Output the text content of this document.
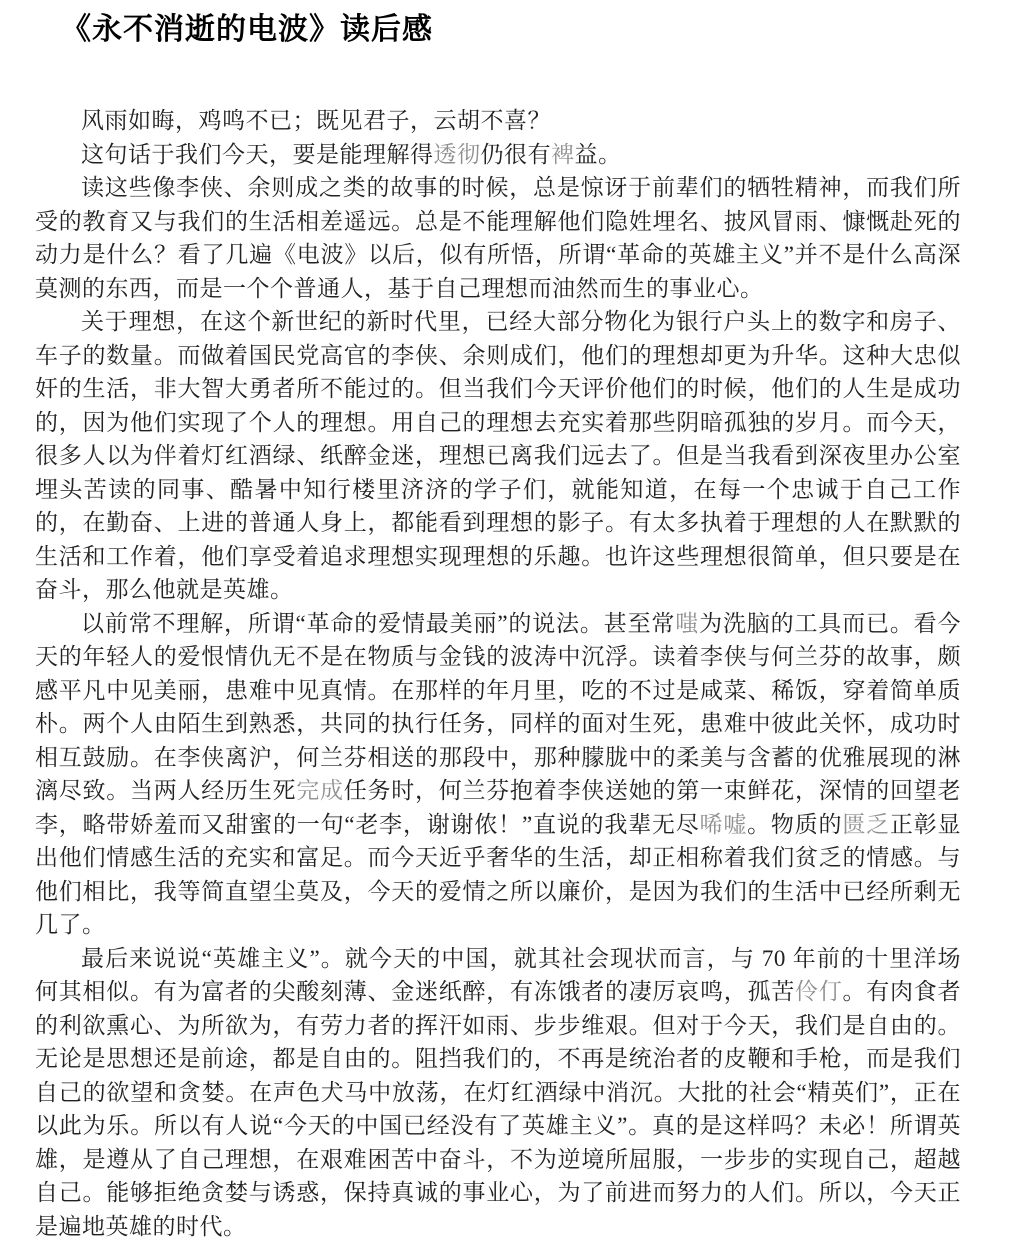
《永不消逝的电波》读后感

风雨如晦，鸡鸣不已；既见君子，云胡不喜？

这句话于我们今天，要是能理解得透彻仍很有裨益。

读这些像李侠、余则成之类的故事的时候，总是惊讶于前辈们的牺牲精神，而我们所受的教育又与我们的生活相差遥远。总是不能理解他们隐姓埋名、披风冒雨、慷慨赴死的动力是什么？看了几遍《电波》以后，似有所悟，所谓“革命的英雄主义”并不是什么高深莫测的东西，而是一个个普通人，基于自己理想而油然而生的事业心。

关于理想，在这个新世纪的新时代里，已经大部分物化为银行户头上的数字和房子、车子的数量。而做着国民党高官的李侠、余则成们，他们的理想却更为升华。这种大忠似奸的生活，非大智大勇者所不能过的。但当我们今天评价他们的时候，他们的人生是成功的，因为他们实现了个人的理想。用自己的理想去充实着那些阴暗孤独的岁月。而今天，很多人以为伴着灯红酒绿、纸醉金迷，理想已离我们远去了。但是当我看到深夜里办公室埋头苦读的同事、酷暑中知行楼里济济的学子们，就能知道，在每一个忠诚于自己工作的，在勤奋、上进的普通人身上，都能看到理想的影子。有太多执着于理想的人在默默的生活和工作着，他们享受着追求理想实现理想的乐趣。也许这些理想很简单，但只要是在奋斗，那么他就是英雄。

以前常不理解，所谓“革命的爱情最美丽”的说法。甚至常嗤为洗脑的工具而已。看今天的年轻人的爱恨情仇无不是在物质与金钱的波涛中沉浮。读着李侠与何兰芬的故事，颇感平凡中见美丽，患难中见真情。在那样的年月里，吃的不过是咸菜、稀饭，穿着简单质朴。两个人由陌生到熟悉，共同的执行任务，同样的面对生死，患难中彼此关怀，成功时相互鼓励。在李侠离沪，何兰芬相送的那段中，那种朦胧中的柔美与含蓄的优雅展现的淋漓尽致。当两人经历生死完成任务时，何兰芬抱着李侠送她的第一束鲜花，深情的回望老李，略带娇羞而又甜蜜的一句“老李，谢谢侬！”直说的我辈无尽唏嘘。物质的匮乏正彰显出他们情感生活的充实和富足。而今天近乎奢华的生活，却正相称着我们贫乏的情感。与他们相比，我等简直望尘莫及，今天的爱情之所以廉价，是因为我们的生活中已经所剩无几了。

最后来说说“英雄主义”。就今天的中国，就其社会现状而言，与 70 年前的十里洋场何其相似。有为富者的尖酸刻薄、金迷纸醉，有冻饿者的凄厉哀鸣，孤苦伶仃。有肉食者的利欲熏心、为所欲为，有劳力者的挥汗如雨、步步维艰。但对于今天，我们是自由的。无论是思想还是前途，都是自由的。阻挡我们的，不再是统治者的皮鞭和手枪，而是我们自己的欲望和贪婪。在声色犬马中放荡，在灯红酒绿中消沉。大批的社会“精英们”，正在以此为乐。所以有人说“今天的中国已经没有了英雄主义”。真的是这样吗？未必！所谓英雄，是遵从了自己理想，在艰难困苦中奋斗，不为逆境所屈服，一步步的实现自己，超越自己。能够拒绝贪婪与诱惑，保持真诚的事业心，为了前进而努力的人们。所以，今天正是遍地英雄的时代。
